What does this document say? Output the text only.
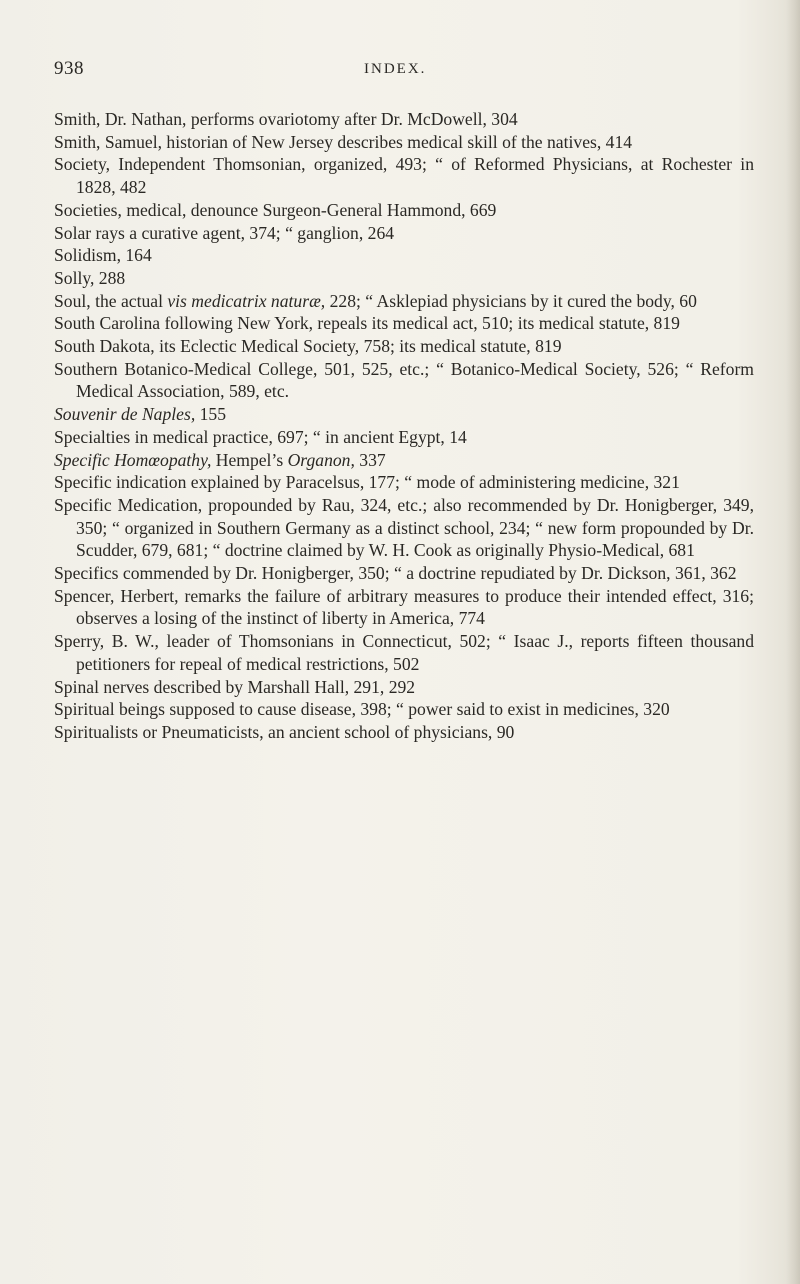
938	INDEX.
Smith, Dr. Nathan, performs ovariotomy after Dr. McDowell, 304
Smith, Samuel, historian of New Jersey describes medical skill of the natives, 414
Society, Independent Thomsonian, organized, 493; “ of Reformed Physicians, at Rochester in 1828, 482
Societies, medical, denounce Surgeon-General Hammond, 669
Solar rays a curative agent, 374; “ ganglion, 264
Solidism, 164
Solly, 288
Soul, the actual vis medicatrix naturæ, 228; “ Asklepiad physicians by it cured the body, 60
South Carolina following New York, repeals its medical act, 510; its medical statute, 819
South Dakota, its Eclectic Medical Society, 758; its medical statute, 819
Southern Botanico-Medical College, 501, 525, etc.; “ Botanico-Medical Society, 526; “ Reform Medical Association, 589, etc.
Souvenir de Naples, 155
Specialties in medical practice, 697; “ in ancient Egypt, 14
Specific Homœopathy, Hempel’s Organon, 337
Specific indication explained by Paracelsus, 177; “ mode of administering medicine, 321
Specific Medication, propounded by Rau, 324, etc.; also recommended by Dr. Honigberger, 349, 350; “ organized in Southern Germany as a distinct school, 234; “ new form propounded by Dr. Scudder, 679, 681; “ doctrine claimed by W. H. Cook as originally Physio-Medical, 681
Specifics commended by Dr. Honigberger, 350; “ a doctrine repudiated by Dr. Dickson, 361, 362
Spencer, Herbert, remarks the failure of arbitrary measures to produce their intended effect, 316; observes a losing of the instinct of liberty in America, 774
Sperry, B. W., leader of Thomsonians in Connecticut, 502; “ Isaac J., reports fifteen thousand petitioners for repeal of medical restrictions, 502
Spinal nerves described by Marshall Hall, 291, 292
Spiritual beings supposed to cause disease, 398; “ power said to exist in medicines, 320
Spiritualists or Pneumaticists, an ancient school of physicians, 90
